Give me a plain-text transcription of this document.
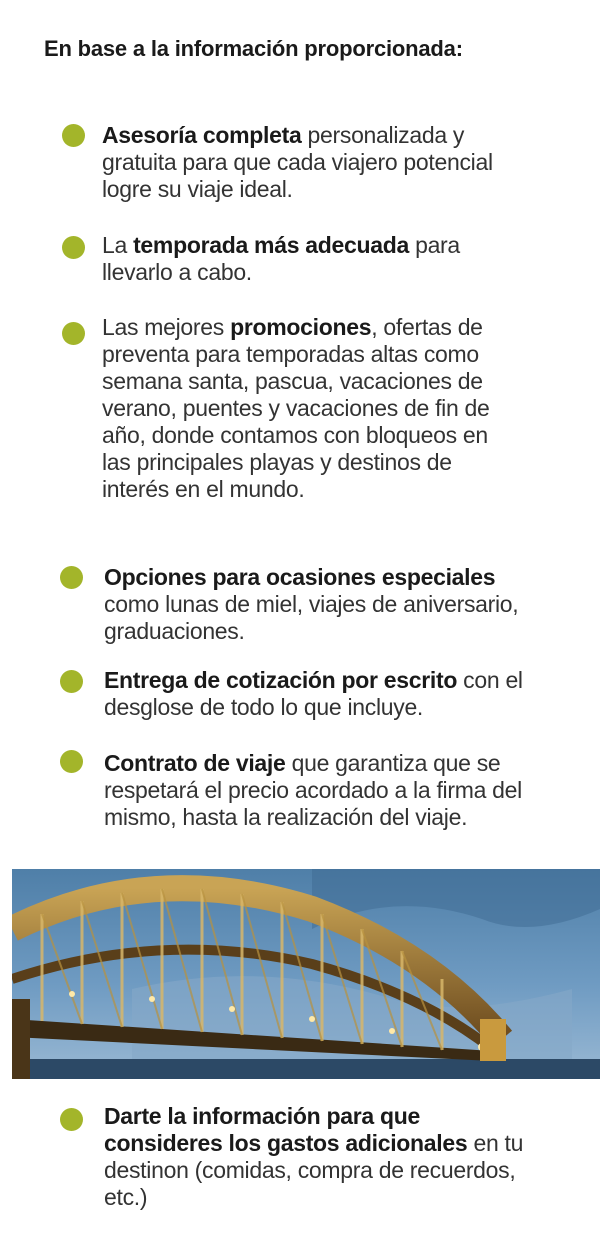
En base a la información proporcionada:
Asesoría completa personalizada y gratuita para que cada viajero potencial logre su viaje ideal.
La temporada más adecuada para llevarlo a cabo.
Las mejores promociones, ofertas de preventa para temporadas altas como semana santa, pascua, vacaciones de verano, puentes y vacaciones de fin de año, donde contamos con bloqueos en las principales playas y destinos de interés en el mundo.
Opciones para ocasiones especiales como lunas de miel, viajes de aniversario, graduaciones.
Entrega de cotización por escrito con el desglose de todo lo que incluye.
Contrato de viaje que garantiza que se respetará el precio acordado a la firma del mismo, hasta la realización del viaje.
Darte la información para que consideres los gastos adicionales en tu destinon (comidas, compra de recuerdos, etc.)
